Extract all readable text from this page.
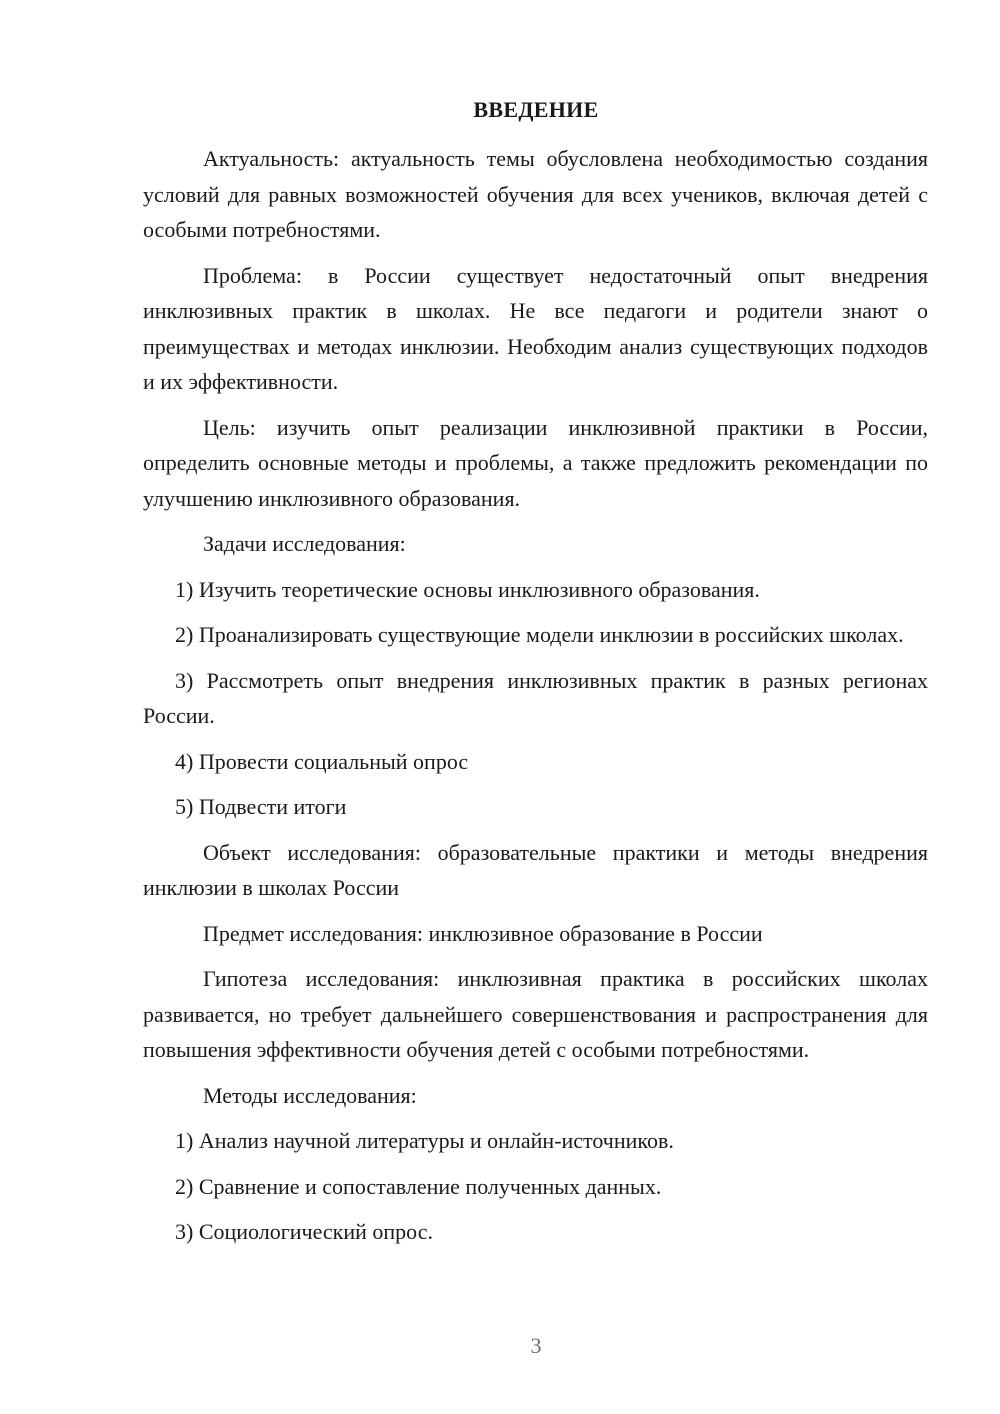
ВВЕДЕНИЕ

Актуальность: актуальность темы обусловлена необходимостью создания условий для равных возможностей обучения для всех учеников, включая детей с особыми потребностями.

Проблема: в России существует недостаточный опыт внедрения инклюзивных практик в школах. Не все педагоги и родители знают о преимуществах и методах инклюзии. Необходим анализ существующих подходов и их эффективности.

Цель: изучить опыт реализации инклюзивной практики в России, определить основные методы и проблемы, а также предложить рекомендации по улучшению инклюзивного образования.

Задачи исследования:

1) Изучить теоретические основы инклюзивного образования.

2) Проанализировать существующие модели инклюзии в российских школах.

3) Рассмотреть опыт внедрения инклюзивных практик в разных регионах России.

4) Провести социальный опрос

5) Подвести итоги

Объект исследования: образовательные практики и методы внедрения инклюзии в школах России

Предмет исследования: инклюзивное образование в России

Гипотеза исследования: инклюзивная практика в российских школах развивается, но требует дальнейшего совершенствования и распространения для повышения эффективности обучения детей с особыми потребностями.

Методы исследования:

1) Анализ научной литературы и онлайн-источников.

2) Сравнение и сопоставление полученных данных.

3) Социологический опрос.

3
